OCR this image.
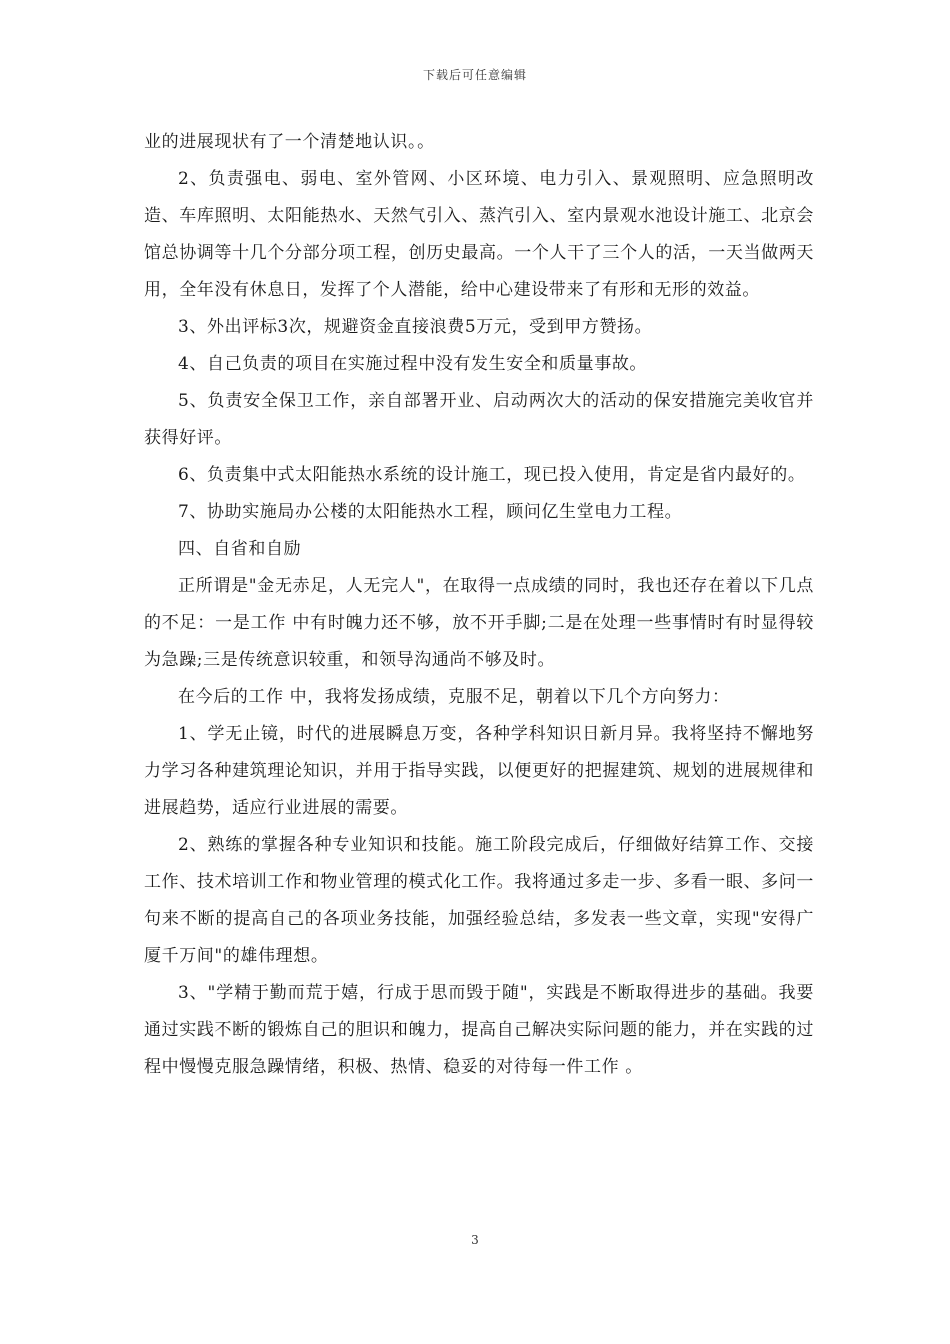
下载后可任意编辑

业的进展现状有了一个清楚地认识。。

2、负责强电、弱电、室外管网、小区环境、电力引入、景观照明、应急照明改造、车库照明、太阳能热水、天然气引入、蒸汽引入、室内景观水池设计施工、北京会馆总协调等十几个分部分项工程，创历史最高。一个人干了三个人的活，一天当做两天用，全年没有休息日，发挥了个人潜能，给中心建设带来了有形和无形的效益。

3、外出评标3次，规避资金直接浪费5万元，受到甲方赞扬。

4、自己负责的项目在实施过程中没有发生安全和质量事故。

5、负责安全保卫工作，亲自部署开业、启动两次大的活动的保安措施完美收官并获得好评。

6、负责集中式太阳能热水系统的设计施工，现已投入使用，肯定是省内最好的。

7、协助实施局办公楼的太阳能热水工程，顾问亿生堂电力工程。

四、自省和自励

正所谓是"金无赤足，人无完人"，在取得一点成绩的同时，我也还存在着以下几点的不足：一是工作 中有时魄力还不够，放不开手脚;二是在处理一些事情时有时显得较为急躁;三是传统意识较重，和领导沟通尚不够及时。

在今后的工作 中，我将发扬成绩，克服不足，朝着以下几个方向努力：

1、学无止镜，时代的进展瞬息万变，各种学科知识日新月异。我将坚持不懈地努力学习各种建筑理论知识，并用于指导实践，以便更好的把握建筑、规划的进展规律和进展趋势，适应行业进展的需要。

2、熟练的掌握各种专业知识和技能。施工阶段完成后，仔细做好结算工作、交接工作、技术培训工作和物业管理的模式化工作。我将通过多走一步、多看一眼、多问一句来不断的提高自己的各项业务技能，加强经验总结，多发表一些文章，实现"安得广厦千万间"的雄伟理想。

3、"学精于勤而荒于嬉，行成于思而毁于随"，实践是不断取得进步的基础。我要通过实践不断的锻炼自己的胆识和魄力，提高自己解决实际问题的能力，并在实践的过程中慢慢克服急躁情绪，积极、热情、稳妥的对待每一件工作 。

3
